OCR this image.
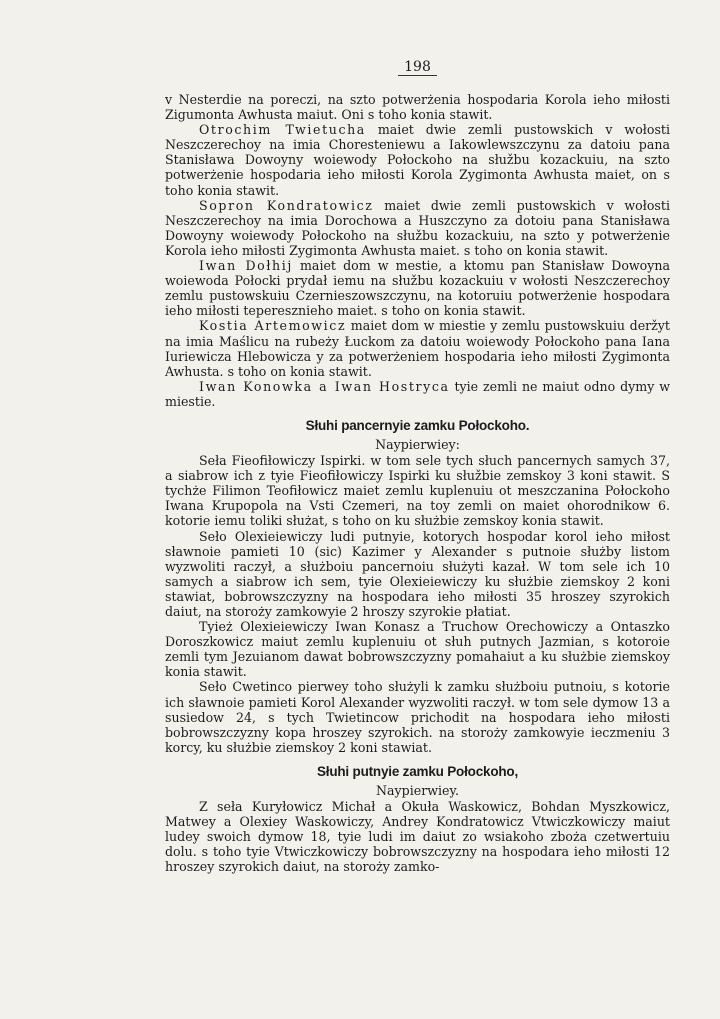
198

v Nesterdie na poreczi, na szto potwerżenia hospodaria Korola ieho miłosti Zigumonta Awhusta maiut. Oni s toho konia stawit.

Otrochim Twietucha maiet dwie zemli pustowskich v wołosti Neszczerechoy na imia Choresteniewu a Iakowlewszczynu za datoiu pana Stanisława Dowoyny woiewody Połockoho na słužbu kozackuiu, na szto potwerżenie hospodaria ieho miłosti Korola Zygimonta Awhusta maiet, on s toho konia stawit.

Sopron Kondratowicz maiet dwie zemli pustowskich v wołosti Neszczerechoy na imia Dorochowa a Huszczyno za dotoiu pana Stanisława Dowoyny woiewody Połockoho na słužbu kozackuiu, na szto y potwerżenie Korola ieho miłosti Zygimonta Awhusta maiet. s toho on konia stawit.

Iwan Dołhij maiet dom w mestie, a ktomu pan Stanisław Dowoyna woiewoda Połocki prydał iemu na słužbu kozackuiu v wołosti Neszczerechoy zemlu pustowskuiu Czernieszowszczynu, na kotoruiu potwerżenie hospodara ieho miłosti tepereszniehо maiet. s toho on konia stawit.

Kostia Artemowicz maiet dom w miestie y zemlu pustowskuiu deržyt na imia Maślicu na rubeży Łuckom za datoiu woiewody Połockoho pana Iana Iuriewicza Hlebowicza y za potwerżeniem hospodaria ieho miłosti Zygimonta Awhusta. s toho on konia stawit.

Iwan Konowka a Iwan Hostryca tyie zemli ne maiut odno dymy w miestie.

Słuhi pancernyie zamku Połockoho.

Naypierwiey:

Seła Fieofiłowiczy Ispirki. w tom sele tych słuch pancernych samych 37, a siabrow ich z tyie Fieofiłowiczy Ispirki ku słužbie zemskoy 3 koni stawit. S tychże Filimon Teofiłowicz maiet zemlu kuplenuiu ot meszczanina Połockoho Iwana Krupopola na Vsti Czemeri, na toy zemli on maiet ohorodnikow 6. kotorie iemu toliki służat, s toho on ku służbie zemskoy konia stawit.

Seło Olexieiewiczy ludi putnyie, kotorych hospodar korol ieho miłost sławnoie pamieti 10 (sic) Kazimer y Alexander s putnoie służby listom wyzwoliti raczył, a służboiu pancernoiu służyti kazał. W tom sele ich 10 samych a siabrow ich sem, tyie Olexieiewiczy ku służbie ziemskoy 2 koni stawiat, bobrowszczyzny na hospodara ieho miłosti 35 hroszey szyrokich daiut, na storoży zamkowyie 2 hroszy szyrokie płatiat.

Tyież Olexieiewiczy Iwan Konasz a Truchow Orechowiczy a Ontaszko Doroszkowicz maiut zemlu kuplenuiu ot słuh putnych Jazmian, s kotoroie zemli tym Jezuianom dawat bobrowszczyzny pomahaiut a ku służbie ziemskoy konia stawit.

Seło Cwetinco pierwey toho służyli k zamku służboiu putnoiu, s kotorie ich sławnoie pamieti Korol Alexander wyzwoliti raczył. w tom sele dymow 13 a susiedow 24, s tych Twietincow prichodit na hospodara ieho miłosti bobrowszczyzny kopa hroszey szyrokich. na storoży zamkowyie ieczmeniu 3 korcy, ku służbie ziemskoy 2 koni stawiat.

Słuhi putnyie zamku Połockoho,

Naypierwiey.

Z seła Kuryłowicz Michał a Okuła Waskowicz, Bohdan Myszkowicz, Matwey a Olexiey Waskowiczy, Andrey Kondratowicz Vtwiczkowiczy maiut ludey swoich dymow 18, tyie ludi im daiut zo wsiakoho zboża czetwertuiu dolu. s toho tyie Vtwiczkowiczy bobrowszczyzny na hospodara ieho miłosti 12 hroszey szyrokich daiut, na storoży zamko-
